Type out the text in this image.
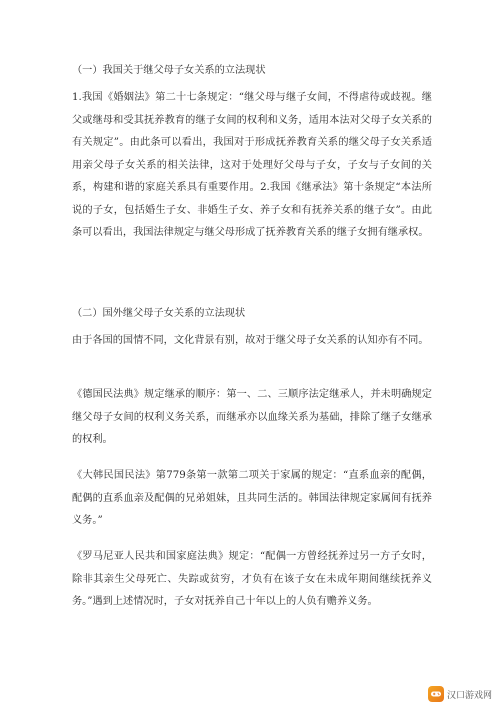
（一）我国关于继父母子女关系的立法现状

1.我国《婚姻法》第二十七条规定：“继父母与继子女间，不得虐待或歧视。继父或继母和受其抚养教育的继子女间的权利和义务，适用本法对父母子女关系的有关规定”。由此条可以看出，我国对于形成抚养教育关系的继父母子女关系适用亲父母子女关系的相关法律，这对于处理好父母与子女，子女与子女间的关系，构建和谐的家庭关系具有重要作用。2.我国《继承法》第十条规定“本法所说的子女，包括婚生子女、非婚生子女、养子女和有抚养关系的继子女”。由此条可以看出，我国法律规定与继父母形成了抚养教育关系的继子女拥有继承权。

（二）国外继父母子女关系的立法现状

由于各国的国情不同，文化背景有别，故对于继父母子女关系的认知亦有不同。

《德国民法典》规定继承的顺序：第一、二、三顺序法定继承人，并未明确规定继父母子女间的权利义务关系，而继承亦以血缘关系为基础，排除了继子女继承的权利。

《大韩民国民法》第779条第一款第二项关于家属的规定：“直系血亲的配偶，配偶的直系血亲及配偶的兄弟姐妹，且共同生活的。韩国法律规定家属间有抚养义务。”

《罗马尼亚人民共和国家庭法典》规定：“配偶一方曾经抚养过另一方子女时，除非其亲生父母死亡、失踪或贫穷，才负有在该子女在未成年期间继续抚养义务。”遇到上述情况时，子女对抚养自己十年以上的人负有赡养义务。

汉口游戏网
